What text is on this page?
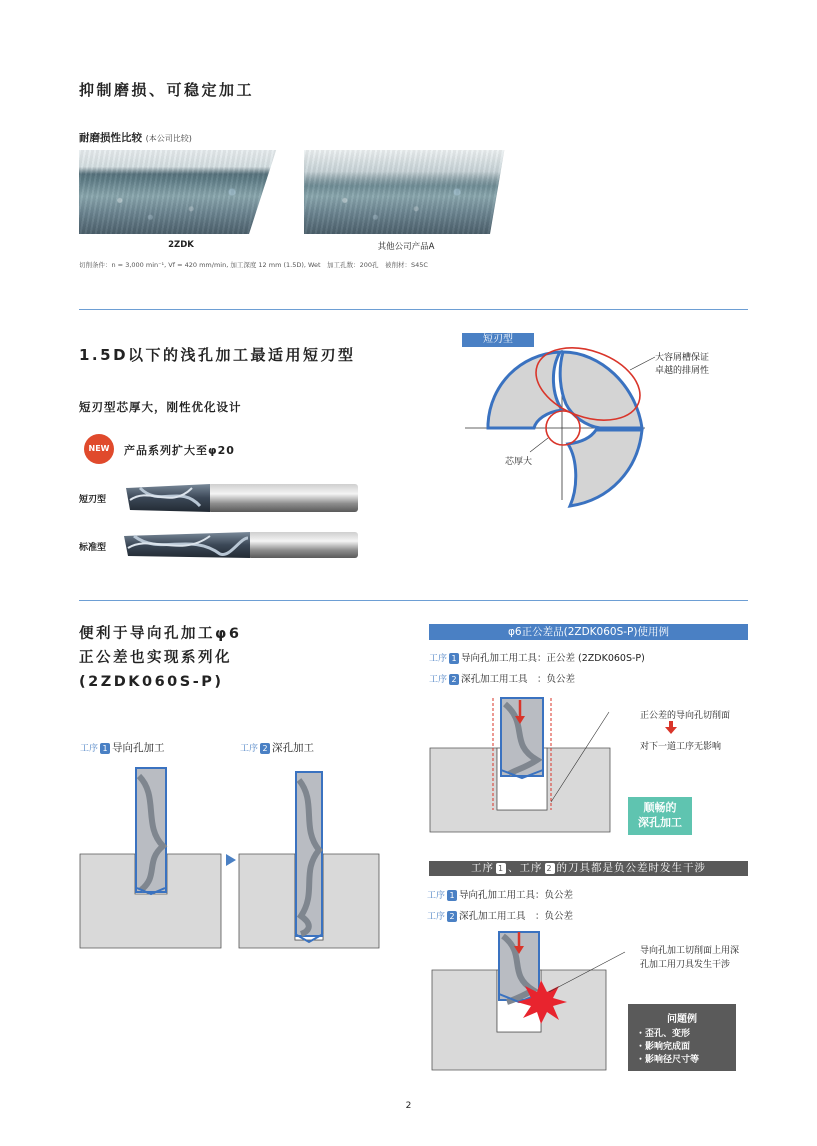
抑制磨损、可稳定加工
耐磨损性比较 (本公司比较)
2ZDK	其他公司产品A
切削条件：n = 3,000 min⁻¹, Vf = 420 mm/min, 加工深度 12 mm (1.5D), Wet　加工孔数：200孔　被削材：S45C
1.5D以下的浅孔加工最适用短刃型
短刃型芯厚大，刚性优化设计
NEW	产品系列扩大至φ20
短刃型
标准型
短刃型
大容屑槽保证
卓越的排屑性
芯厚大
便利于导向孔加工φ6
正公差也实现系列化
(2ZDK060S-P)
工序 1 导向孔加工	工序 2 深孔加工
φ6正公差品(2ZDK060S-P)使用例
工序 1 导向孔加工用工具：正公差 (2ZDK060S-P)
工序 2 深孔加工用工具　：负公差
正公差的导向孔切削面
对下一道工序无影响
顺畅的
深孔加工
工序 1 、工序 2 的刀具都是负公差时发生干涉
工序 1 导向孔加工用工具：负公差
工序 2 深孔加工用工具　：负公差
导向孔加工切削面上用深
孔加工用刀具发生干涉
问题例
・歪孔、变形
・影响完成面
・影响径尺寸等
2
